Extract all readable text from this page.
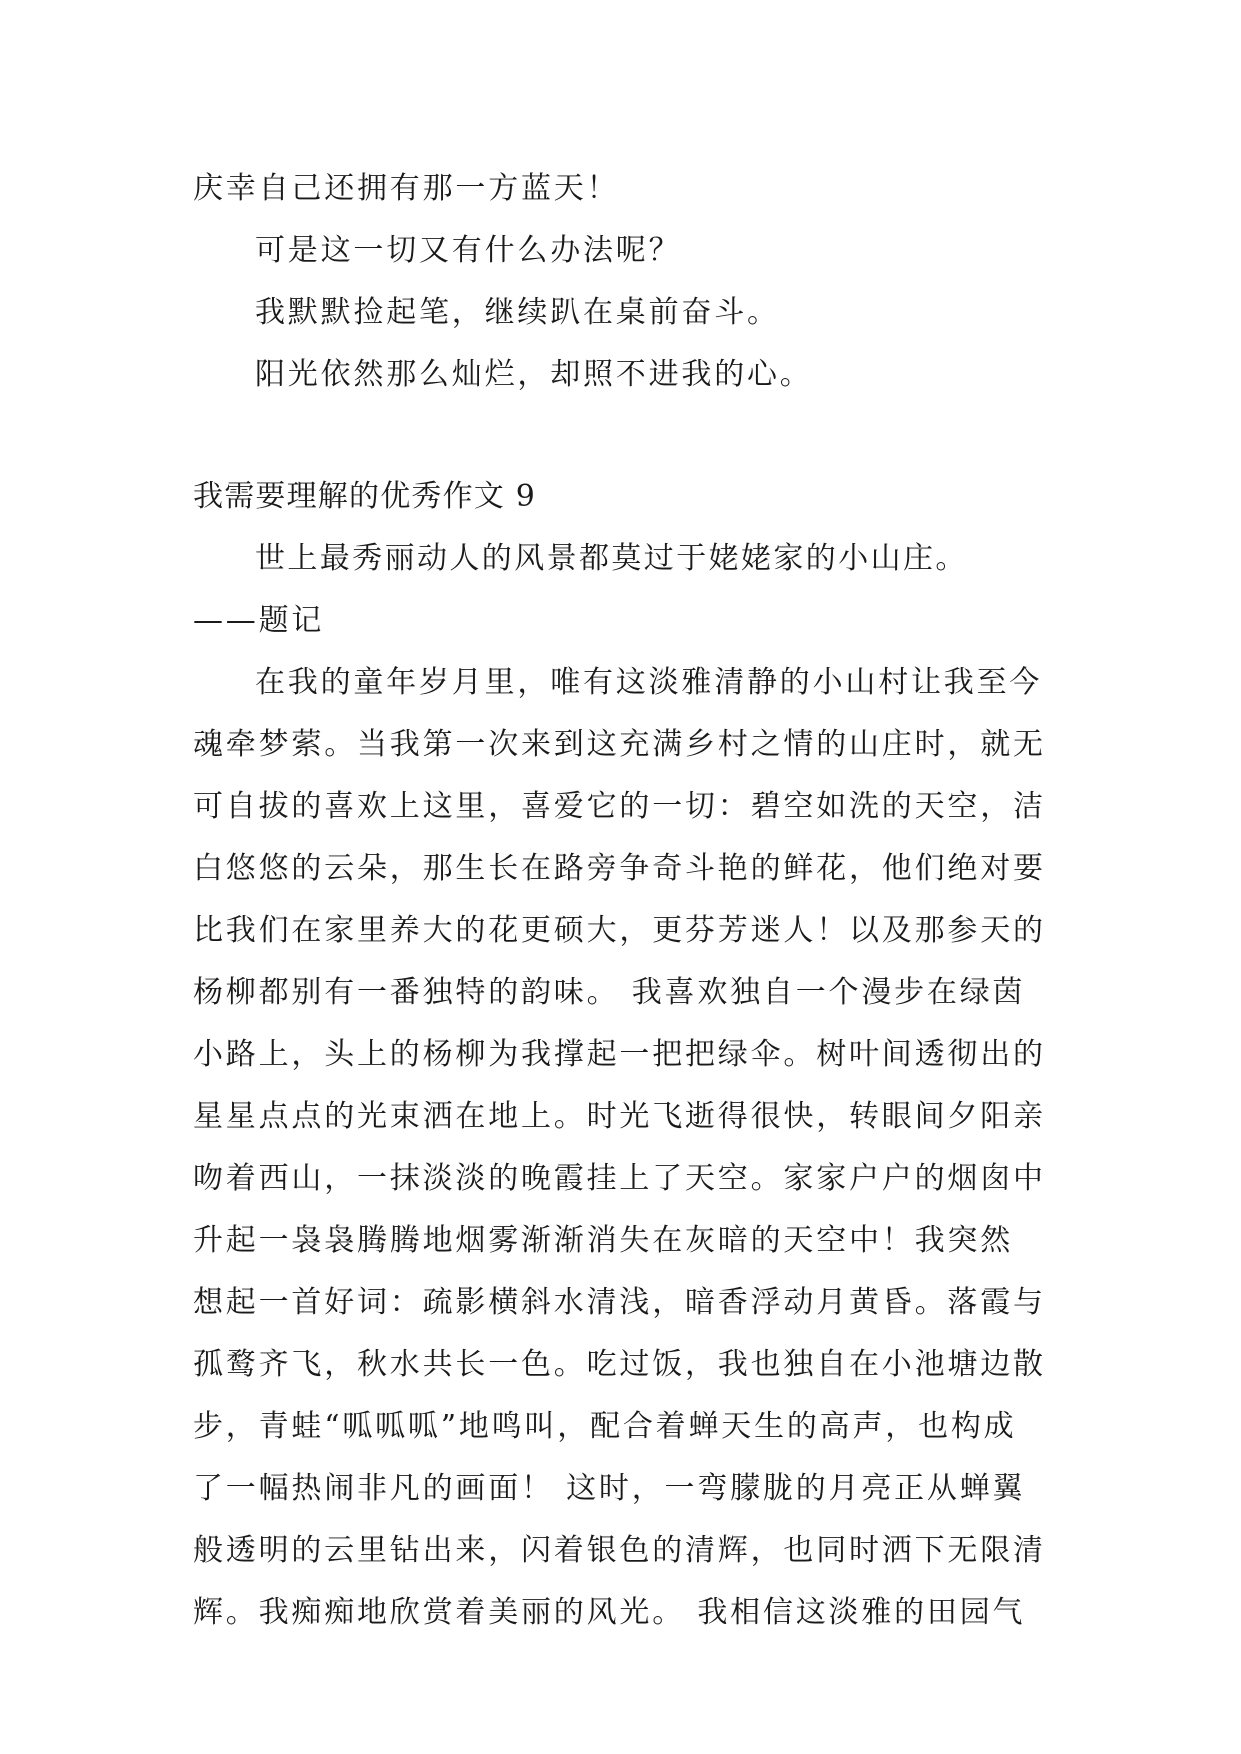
庆幸自己还拥有那一方蓝天！
可是这一切又有什么办法呢？
我默默捡起笔，继续趴在桌前奋斗。
阳光依然那么灿烂，却照不进我的心。
我需要理解的优秀作文 9
世上最秀丽动人的风景都莫过于姥姥家的小山庄。
——题记
在我的童年岁月里，唯有这淡雅清静的小山村让我至今
魂牵梦萦。当我第一次来到这充满乡村之情的山庄时，就无
可自拔的喜欢上这里，喜爱它的一切：碧空如洗的天空，洁
白悠悠的云朵，那生长在路旁争奇斗艳的鲜花，他们绝对要
比我们在家里养大的花更硕大，更芬芳迷人！以及那参天的
杨柳都别有一番独特的韵味。 我喜欢独自一个漫步在绿茵
小路上，头上的杨柳为我撑起一把把绿伞。树叶间透彻出的
星星点点的光束洒在地上。时光飞逝得很快，转眼间夕阳亲
吻着西山，一抹淡淡的晚霞挂上了天空。家家户户的烟囱中
升起一袅袅腾腾地烟雾渐渐消失在灰暗的天空中！我突然
想起一首好词：疏影横斜水清浅，暗香浮动月黄昏。落霞与
孤鹜齐飞，秋水共长一色。吃过饭，我也独自在小池塘边散
步，青蛙“呱呱呱”地鸣叫，配合着蝉天生的高声，也构成
了一幅热闹非凡的画面！ 这时，一弯朦胧的月亮正从蝉翼
般透明的云里钻出来，闪着银色的清辉，也同时洒下无限清
辉。我痴痴地欣赏着美丽的风光。 我相信这淡雅的田园气
